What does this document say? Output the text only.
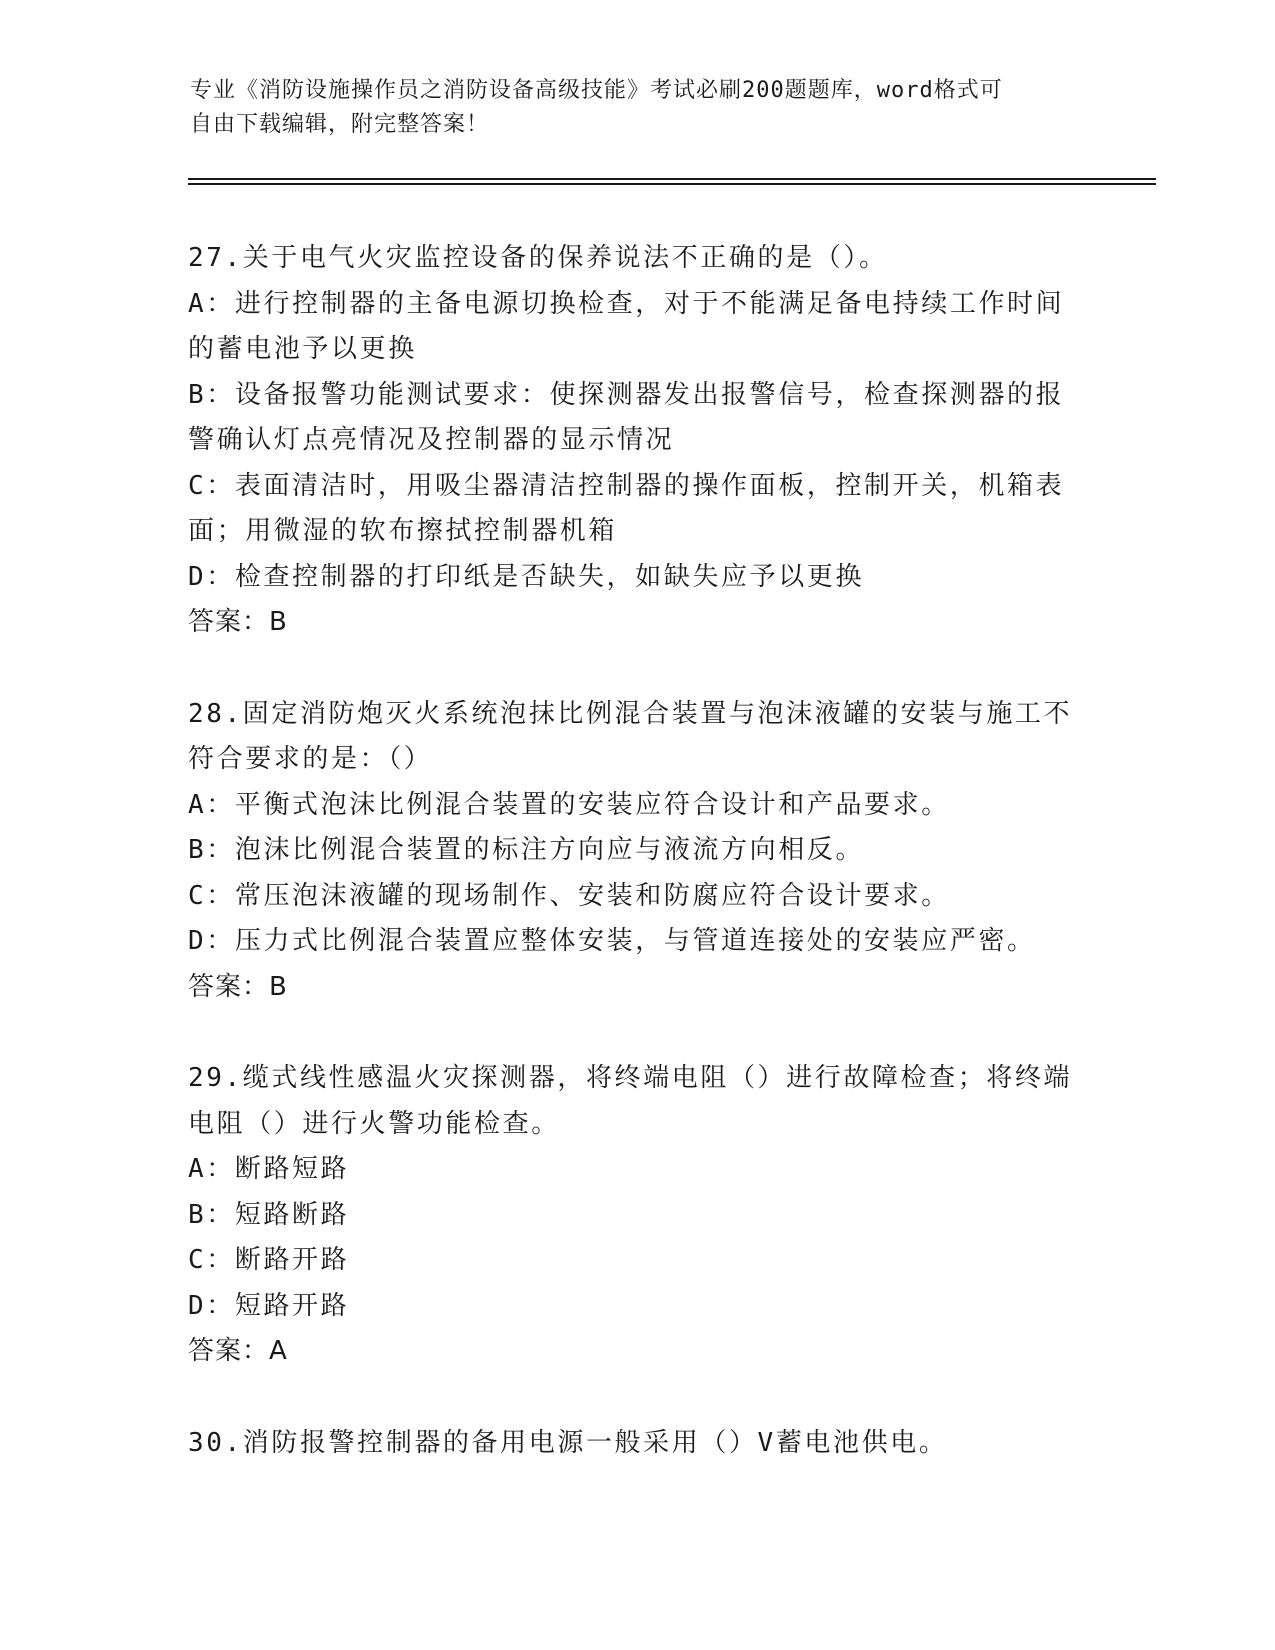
专业《消防设施操作员之消防设备高级技能》考试必刷200题题库，word格式可
自由下载编辑，附完整答案！
27.关于电气火灾监控设备的保养说法不正确的是（）。
A：进行控制器的主备电源切换检查，对于不能满足备电持续工作时间
的蓄电池予以更换
B：设备报警功能测试要求：使探测器发出报警信号，检查探测器的报
警确认灯点亮情况及控制器的显示情况
C：表面清洁时，用吸尘器清洁控制器的操作面板，控制开关，机箱表
面；用微湿的软布擦拭控制器机箱
D：检查控制器的打印纸是否缺失，如缺失应予以更换
答案：B
28.固定消防炮灭火系统泡抹比例混合装置与泡沫液罐的安装与施工不
符合要求的是：（）
A：平衡式泡沫比例混合装置的安装应符合设计和产品要求。
B：泡沫比例混合装置的标注方向应与液流方向相反。
C：常压泡沫液罐的现场制作、安装和防腐应符合设计要求。
D：压力式比例混合装置应整体安装，与管道连接处的安装应严密。
答案：B
29.缆式线性感温火灾探测器，将终端电阻（）进行故障检查；将终端
电阻（）进行火警功能检查。
A：断路短路
B：短路断路
C：断路开路
D：短路开路
答案：A
30.消防报警控制器的备用电源一般采用（）V蓄电池供电。
